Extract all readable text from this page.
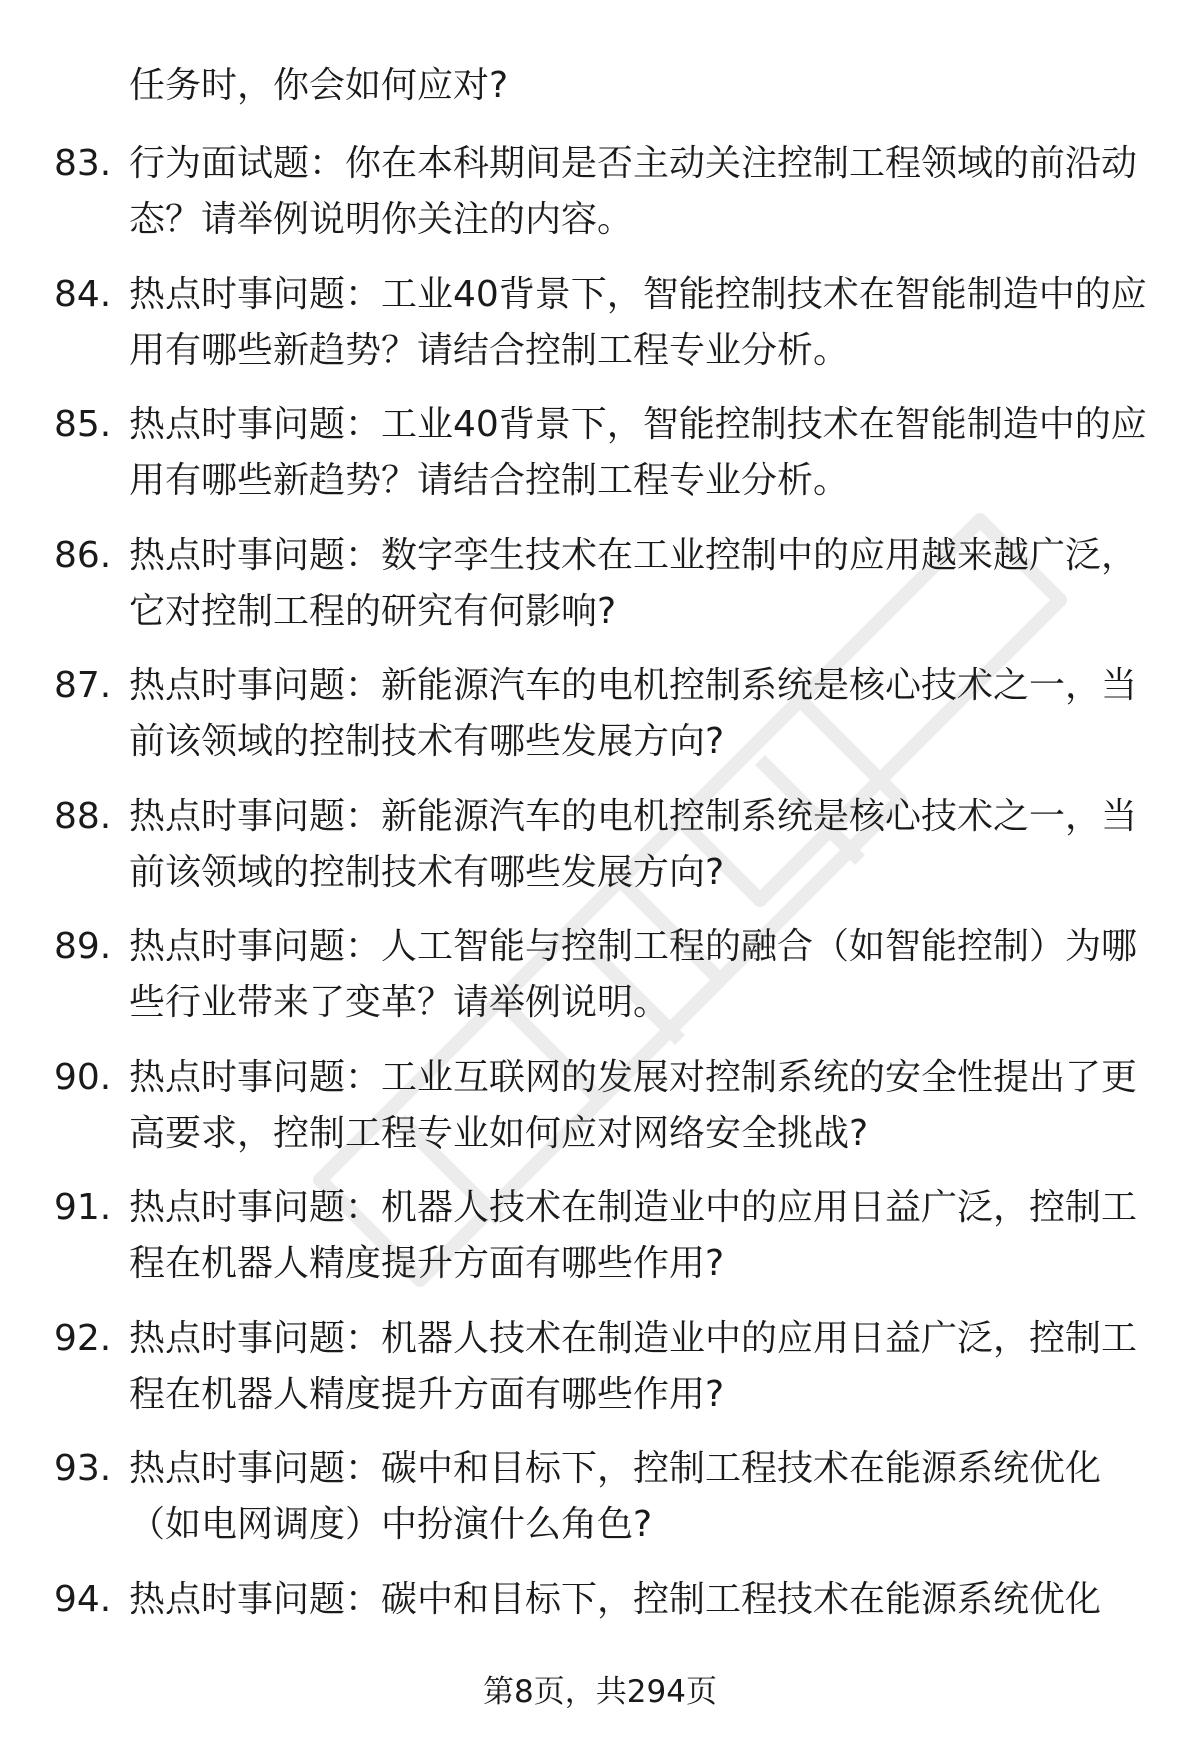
任务时，你会如何应对?
83. 行为面试题：你在本科期间是否主动关注控制工程领域的前沿动态？请举例说明你关注的内容。
84. 热点时事问题：工业40背景下，智能控制技术在智能制造中的应用有哪些新趋势？请结合控制工程专业分析。
85. 热点时事问题：工业40背景下，智能控制技术在智能制造中的应用有哪些新趋势？请结合控制工程专业分析。
86. 热点时事问题：数字孪生技术在工业控制中的应用越来越广泛，它对控制工程的研究有何影响?
87. 热点时事问题：新能源汽车的电机控制系统是核心技术之一，当前该领域的控制技术有哪些发展方向?
88. 热点时事问题：新能源汽车的电机控制系统是核心技术之一，当前该领域的控制技术有哪些发展方向?
89. 热点时事问题：人工智能与控制工程的融合（如智能控制）为哪些行业带来了变革？请举例说明。
90. 热点时事问题：工业互联网的发展对控制系统的安全性提出了更高要求，控制工程专业如何应对网络安全挑战?
91. 热点时事问题：机器人技术在制造业中的应用日益广泛，控制工程在机器人精度提升方面有哪些作用?
92. 热点时事问题：机器人技术在制造业中的应用日益广泛，控制工程在机器人精度提升方面有哪些作用?
93. 热点时事问题：碳中和目标下，控制工程技术在能源系统优化（如电网调度）中扮演什么角色?
94. 热点时事问题：碳中和目标下，控制工程技术在能源系统优化
第8页，共294页
